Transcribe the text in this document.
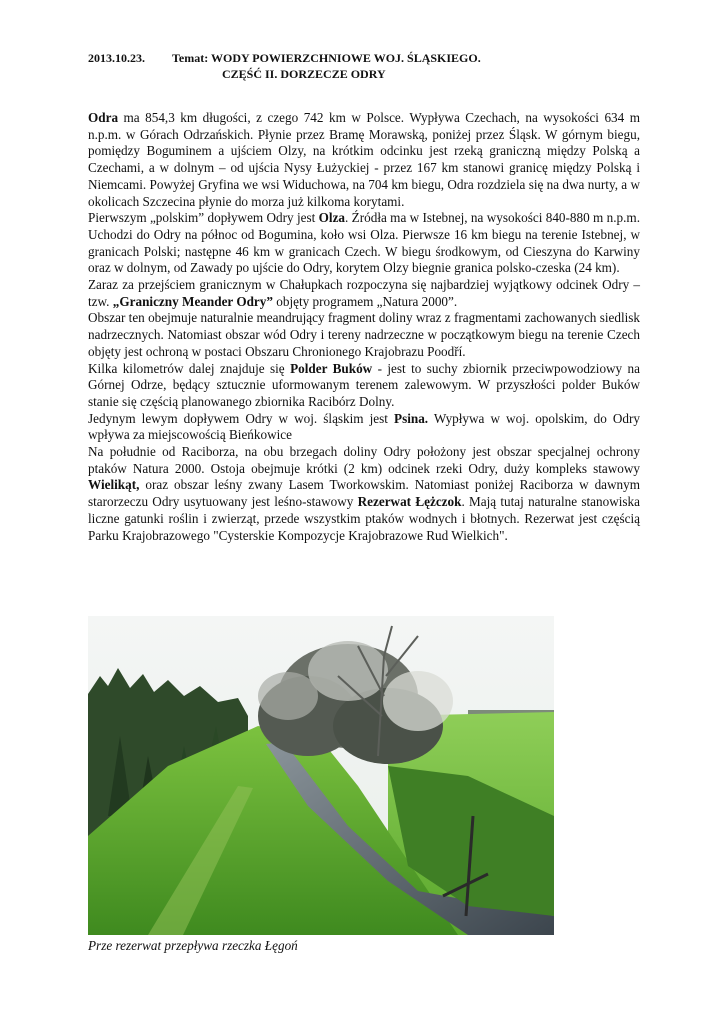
2013.10.23. Temat: WODY POWIERZCHNIOWE WOJ. ŚLĄSKIEGO.
CZĘŚĆ II. DORZECZE ODRY

Odra ma 854,3 km długości, z czego 742 km w Polsce. Wypływa Czechach, na wysokości 634 m n.p.m. w Górach Odrzańskich. Płynie przez Bramę Morawską, poniżej przez Śląsk. W górnym biegu, pomiędzy Boguminem a ujściem Olzy, na krótkim odcinku jest rzeką graniczną między Polską a Czechami, a w dolnym – od ujścia Nysy Łużyckiej - przez 167 km stanowi granicę między Polską i Niemcami. Powyżej Gryfina we wsi Widuchowa, na 704 km biegu, Odra rozdziela się na dwa nurty, a w okolicach Szczecina płynie do morza już kilkoma korytami.

Pierwszym „polskim” dopływem Odry jest Olza. Źródła ma w Istebnej, na wysokości 840-880 m n.p.m. Uchodzi do Odry na północ od Bogumina, koło wsi Olza. Pierwsze 16 km biegu na terenie Istebnej, w granicach Polski; następne 46 km w granicach Czech. W biegu środkowym, od Cieszyna do Karwiny oraz w dolnym, od Zawady po ujście do Odry, korytem Olzy biegnie granica polsko-czeska (24 km).

Zaraz za przejściem granicznym w Chałupkach rozpoczyna się najbardziej wyjątkowy odcinek Odry – tzw. „Graniczny Meander Odry” objęty programem „Natura 2000”.

Obszar ten obejmuje naturalnie meandrujący fragment doliny wraz z fragmentami zachowanych siedlisk nadrzecznych. Natomiast obszar wód Odry i tereny nadrzeczne w początkowym biegu na terenie Czech objęty jest ochroną w postaci Obszaru Chronionego Krajobrazu Poodří.

Kilka kilometrów dalej znajduje się Polder Buków - jest to suchy zbiornik przeciwpowodziowy na Górnej Odrze, będący sztucznie uformowanym terenem zalewowym. W przyszłości polder Buków stanie się częścią planowanego zbiornika Racibórz Dolny.

Jedynym lewym dopływem Odry w woj. śląskim jest Psina. Wypływa w woj. opolskim, do Odry wpływa za miejscowością Bieńkowice

Na południe od Raciborza, na obu brzegach doliny Odry położony jest obszar specjalnej ochrony ptaków Natura 2000. Ostoja obejmuje krótki (2 km) odcinek rzeki Odry, duży kompleks stawowy Wielikąt, oraz obszar leśny zwany Lasem Tworkowskim. Natomiast poniżej Raciborza w dawnym starorzeczu Odry usytuowany jest leśno-stawowy Rezerwat Łężczok. Mają tutaj naturalne stanowiska liczne gatunki roślin i zwierząt, przede wszystkim ptaków wodnych i błotnych. Rezerwat jest częścią Parku Krajobrazowego "Cysterskie Kompozycje Krajobrazowe Rud Wielkich".

Prze rezerwat przepływa rzeczka Łęgoń
